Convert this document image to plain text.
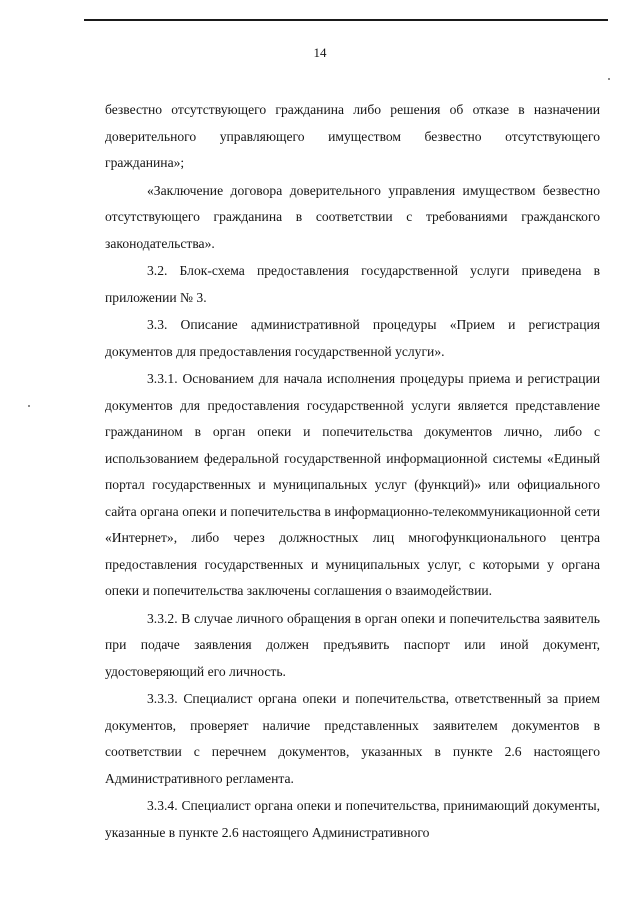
14

безвестно отсутствующего гражданина либо решения об отказе в назначении доверительного управляющего имуществом безвестно отсутствующего гражданина»;

«Заключение договора доверительного управления имуществом безвестно отсутствующего гражданина в соответствии с требованиями гражданского законодательства».

3.2. Блок-схема предоставления государственной услуги приведена в приложении № 3.

3.3. Описание административной процедуры «Прием и регистрация документов для предоставления государственной услуги».

3.3.1. Основанием для начала исполнения процедуры приема и регистрации документов для предоставления государственной услуги является представление гражданином в орган опеки и попечительства документов лично, либо с использованием федеральной государственной информационной системы «Единый портал государственных и муниципальных услуг (функций)» или официального сайта органа опеки и попечительства в информационно-телекоммуникационной сети «Интернет», либо через должностных лиц многофункционального центра предоставления государственных и муниципальных услуг, с которыми у органа опеки и попечительства заключены соглашения о взаимодействии.

3.3.2. В случае личного обращения в орган опеки и попечительства заявитель при подаче заявления должен предъявить паспорт или иной документ, удостоверяющий его личность.

3.3.3. Специалист органа опеки и попечительства, ответственный за прием документов, проверяет наличие представленных заявителем документов в соответствии с перечнем документов, указанных в пункте 2.6 настоящего Административного регламента.

3.3.4. Специалист органа опеки и попечительства, принимающий документы, указанные в пункте 2.6 настоящего Административного
